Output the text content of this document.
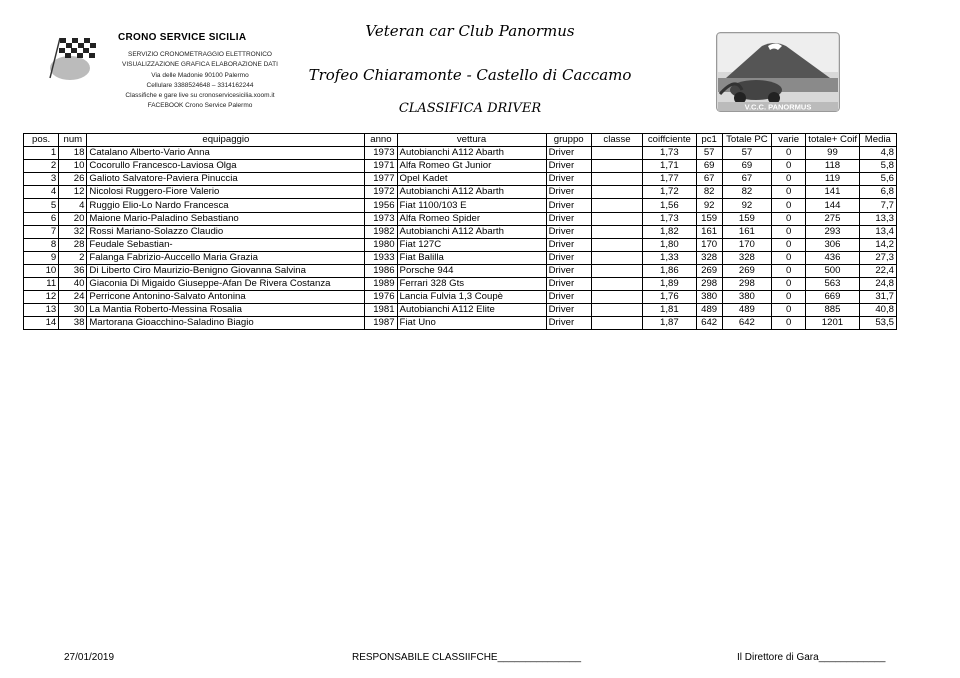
CRONO SERVICE SICILIA
SERVIZIO CRONOMETRAGGIO ELETTRONICO
VISUALIZZAZIONE GRAFICA ELABORAZIONE DATI
Via delle Madonie 90100 Palermo
Cellulare 3388524648 – 3314162244
Classifiche e gare live su cronoservicesicilia.xoom.it
FACEBOOK Crono Service Palermo
Veteran car Club Panormus
Trofeo Chiaramonte - Castello di Caccamo
CLASSIFICA DRIVER	V.C.C. PANORMUS
pos.	num	equipaggio	anno	vettura	gruppo	classe	coiffciente	pc1	Totale PC	varie	totale+ Coif	Media
1	18	Catalano Alberto-Vario Anna	1973	Autobianchi A112 Abarth	Driver		1,73	57	57	0	99	4,8
2	10	Cocorullo Francesco-Laviosa Olga	1971	Alfa Romeo Gt Junior	Driver		1,71	69	69	0	118	5,8
3	26	Galioto Salvatore-Paviera Pinuccia	1977	Opel Kadet	Driver		1,77	67	67	0	119	5,6
4	12	Nicolosi Ruggero-Fiore Valerio	1972	Autobianchi A112 Abarth	Driver		1,72	82	82	0	141	6,8
5	4	Ruggio Elio-Lo Nardo Francesca	1956	Fiat 1100/103 E	Driver		1,56	92	92	0	144	7,7
6	20	Maione Mario-Paladino Sebastiano	1973	Alfa Romeo Spider	Driver		1,73	159	159	0	275	13,3
7	32	Rossi Mariano-Solazzo Claudio	1982	Autobianchi A112 Abarth	Driver		1,82	161	161	0	293	13,4
8	28	Feudale Sebastian-	1980	Fiat 127C	Driver		1,80	170	170	0	306	14,2
9	2	Falanga Fabrizio-Auccello Maria Grazia	1933	Fiat Balilla	Driver		1,33	328	328	0	436	27,3
10	36	Di Liberto Ciro Maurizio-Benigno Giovanna Salvina	1986	Porsche 944	Driver		1,86	269	269	0	500	22,4
11	40	Giaconia Di Migaido Giuseppe-Afan De Rivera Costanza	1989	Ferrari 328 Gts	Driver		1,89	298	298	0	563	24,8
12	24	Perricone Antonino-Salvato Antonina	1976	Lancia Fulvia 1,3 Coupè	Driver		1,76	380	380	0	669	31,7
13	30	La Mantia Roberto-Messina Rosalia	1981	Autobianchi A112 Elite	Driver		1,81	489	489	0	885	40,8
14	38	Martorana Gioacchino-Saladino Biagio	1987	Fiat Uno	Driver		1,87	642	642	0	1201	53,5
27/01/2019	RESPONSABILE CLASSIIFCHE_______________	Il Direttore di Gara____________
